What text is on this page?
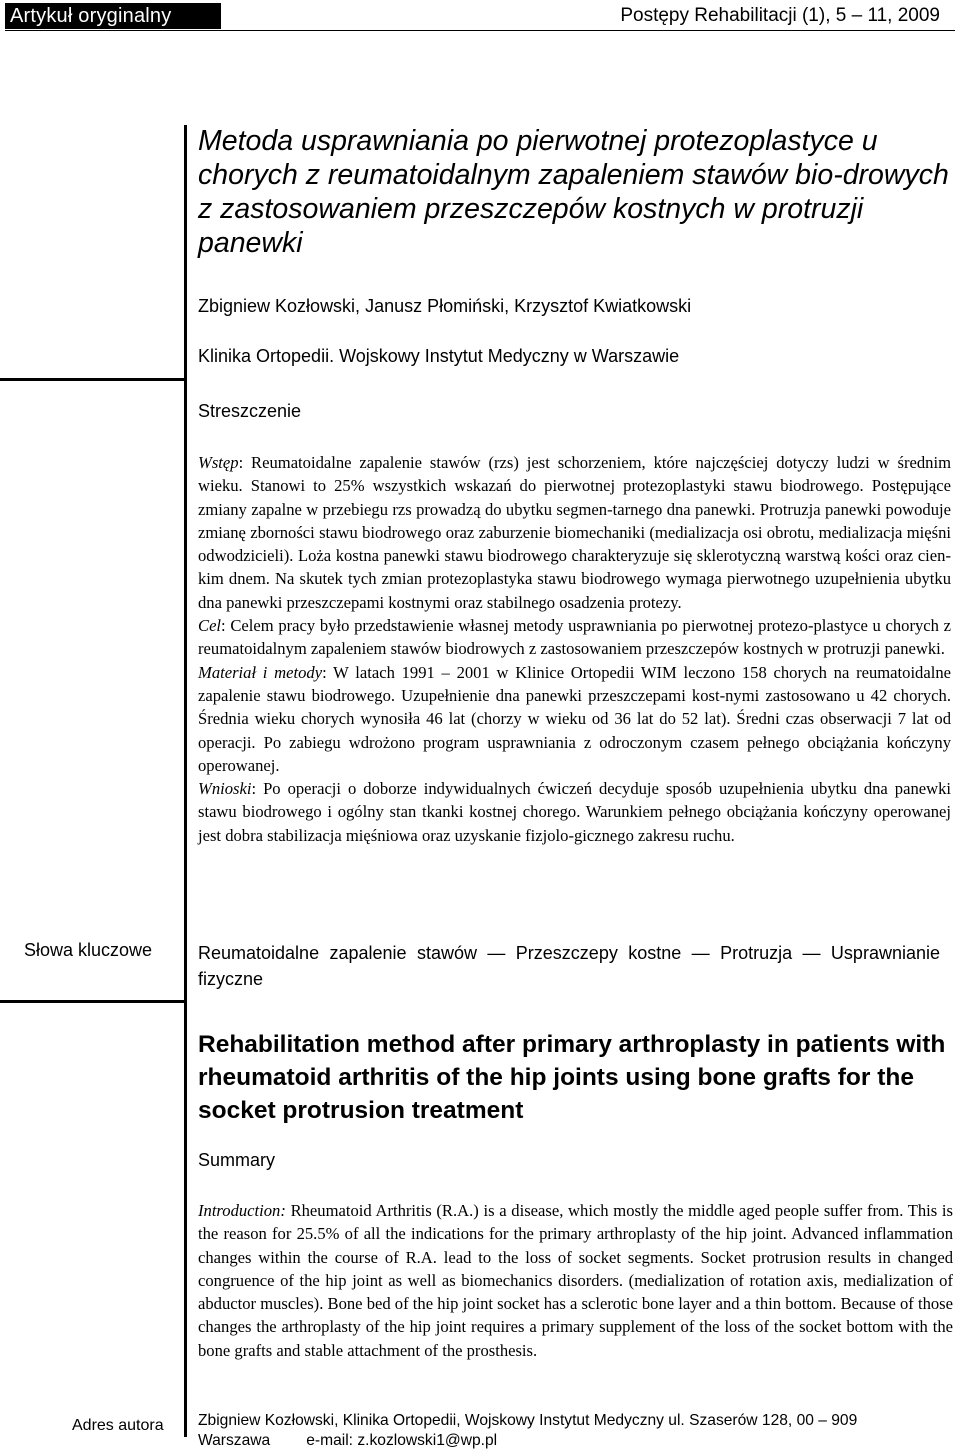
Artykuł oryginalny	Postępy Rehabilitacji (1), 5 – 11, 2009
Metoda usprawniania po pierwotnej protezoplastyce u chorych z reumatoidalnym zapaleniem stawów bio-drowych z zastosowaniem przeszczepów kostnych w protruzji panewki
Zbigniew Kozłowski, Janusz Płomiński, Krzysztof Kwiatkowski
Klinika Ortopedii. Wojskowy Instytut Medyczny w Warszawie
Streszczenie

Wstęp: Reumatoidalne zapalenie stawów (rzs) jest schorzeniem, które najczęściej dotyczy ludzi w średnim wieku. Stanowi to 25% wszystkich wskazań do pierwotnej protezoplastyki stawu biodrowego. Postępujące zmiany zapalne w przebiegu rzs prowadzą do ubytku segmen-tarnego dna panewki. Protruzja panewki powoduje zmianę zborności stawu biodrowego oraz zaburzenie biomechaniki (medializacja osi obrotu, medializacja mięśni odwodzicieli). Loża kostna panewki stawu biodrowego charakteryzuje się sklerotyczną warstwą kości oraz cien-kim dnem. Na skutek tych zmian protezoplastyka stawu biodrowego wymaga pierwotnego uzupełnienia ubytku dna panewki przeszczepami kostnymi oraz stabilnego osadzenia protezy.

Cel: Celem pracy było przedstawienie własnej metody usprawniania po pierwotnej protezo-plastyce u chorych z reumatoidalnym zapaleniem stawów biodrowych z zastosowaniem przeszczepów kostnych w protruzji panewki.

Materiał i metody: W latach 1991 – 2001 w Klinice Ortopedii WIM leczono 158 chorych na reumatoidalne zapalenie stawu biodrowego. Uzupełnienie dna panewki przeszczepami kost-nymi zastosowano u 42 chorych. Średnia wieku chorych wynosiła 46 lat (chorzy w wieku od 36 lat do 52 lat). Średni czas obserwacji 7 lat od operacji. Po zabiegu wdrożono program usprawniania z odroczonym czasem pełnego obciążania kończyny operowanej.

Wnioski: Po operacji o doborze indywidualnych ćwiczeń decyduje sposób uzupełnienia ubytku dna panewki stawu biodrowego i ogólny stan tkanki kostnej chorego. Warunkiem pełnego obciążania kończyny operowanej jest dobra stabilizacja mięśniowa oraz uzyskanie fizjolo-gicznego zakresu ruchu.

Słowa kluczowe	Reumatoidalne zapalenie stawów — Przeszczepy kostne — Protruzja — Usprawnianie fizyczne
Rehabilitation method after primary arthroplasty in patients with rheumatoid arthritis of the hip joints using bone grafts for the socket protrusion treatment
Summary

Introduction: Rheumatoid Arthritis (R.A.) is a disease, which mostly the middle aged people suffer from. This is the reason for 25.5% of all the indications for the primary arthroplasty of the hip joint. Advanced inflammation changes within the course of R.A. lead to the loss of socket segments. Socket protrusion results in changed congruence of the hip joint as well as biomechanics disorders. (medialization of rotation axis, medialization of abductor muscles). Bone bed of the hip joint socket has a sclerotic bone layer and a thin bottom. Because of those changes the arthroplasty of the hip joint requires a primary supplement of the loss of the socket bottom with the bone grafts and stable attachment of the prosthesis.

Adres autora Zbigniew Kozłowski, Klinika Ortopedii, Wojskowy Instytut Medyczny ul. Szaserów 128, 00 – 909
Warszawa e-mail: z.kozlowski1@wp.pl
